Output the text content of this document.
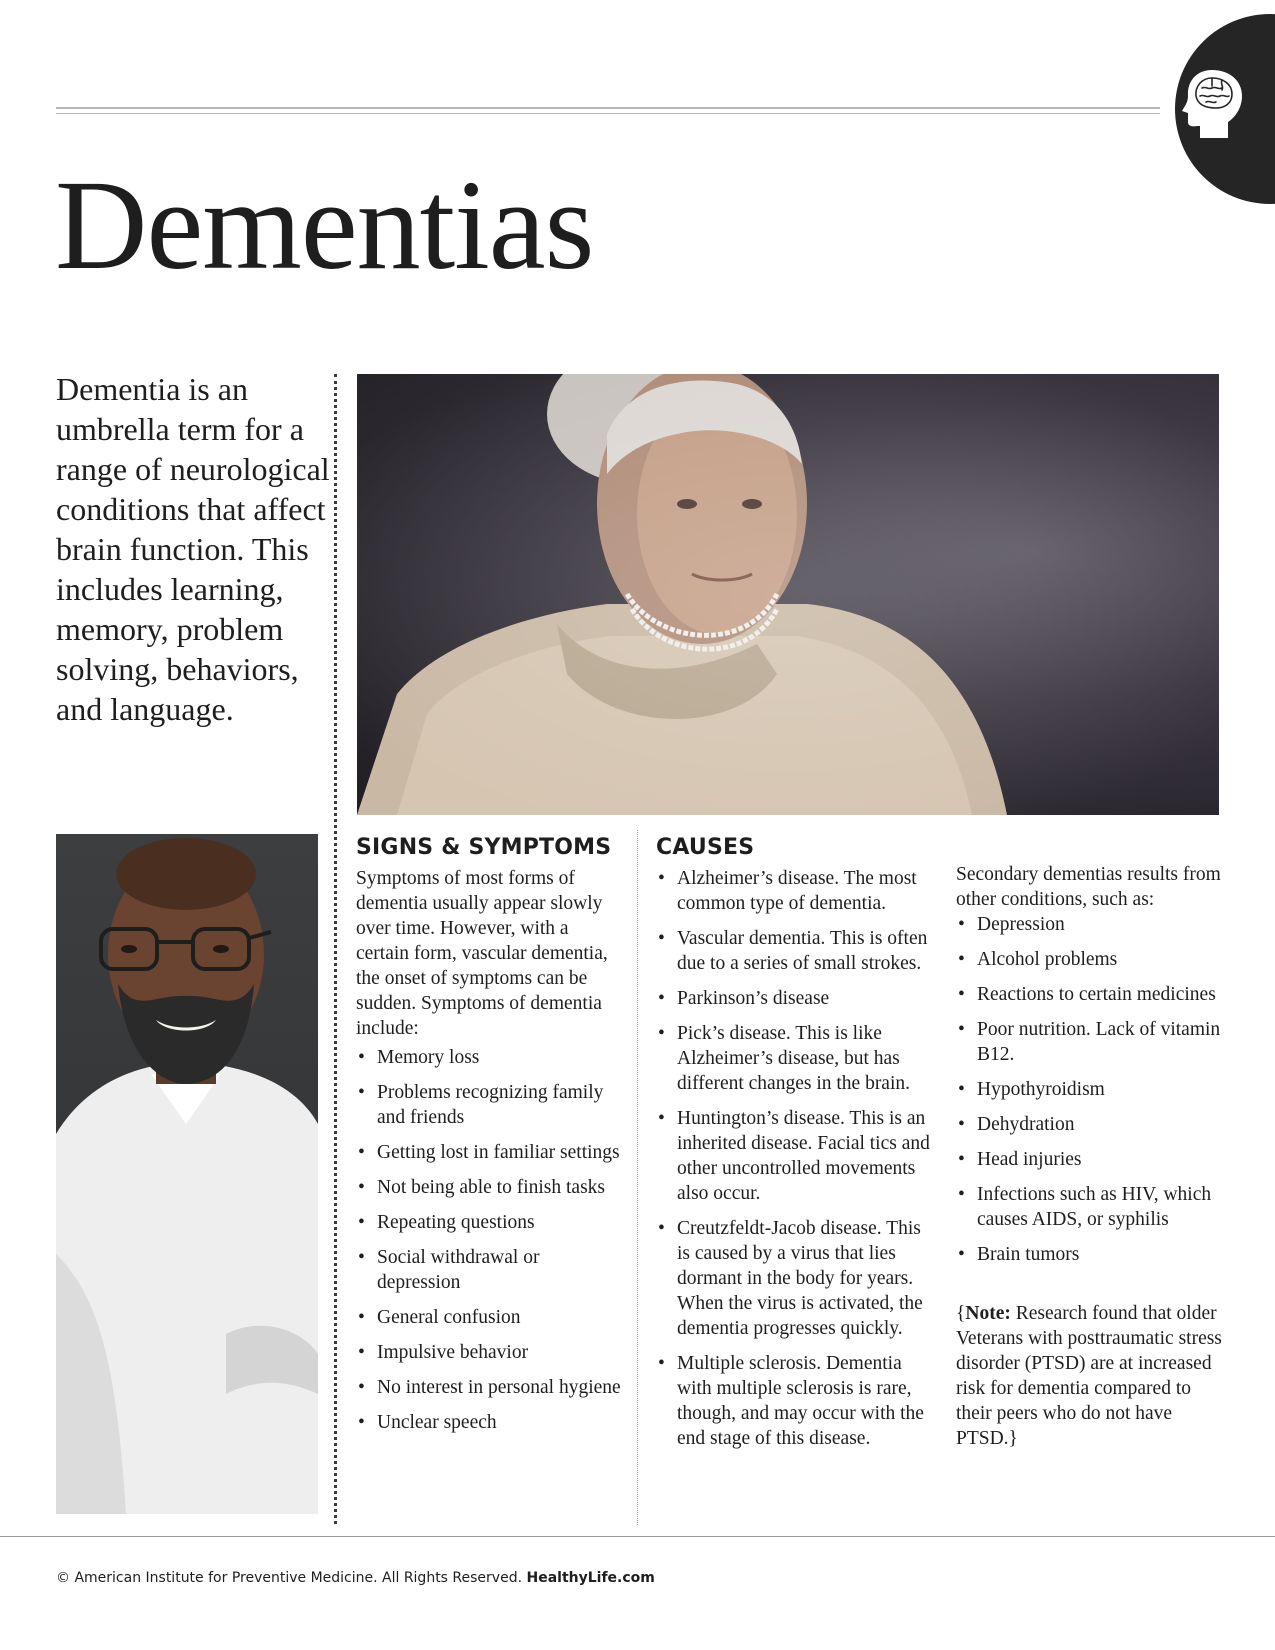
Dementias

Dementia is an umbrella term for a range of neurological conditions that affect brain function. This includes learning, memory, problem solving, behaviors, and language.

SIGNS & SYMPTOMS

Symptoms of most forms of dementia usually appear slowly over time. However, with a certain form, vascular dementia, the onset of symptoms can be sudden. Symptoms of dementia include:

• Memory loss
• Problems recognizing family and friends
• Getting lost in familiar settings
• Not being able to finish tasks
• Repeating questions
• Social withdrawal or depression
• General confusion
• Impulsive behavior
• No interest in personal hygiene
• Unclear speech
CAUSES
• Alzheimer’s disease. The most common type of dementia.
• Vascular dementia. This is often due to a series of small strokes.
• Parkinson’s disease
• Pick’s disease. This is like Alzheimer’s disease, but has different changes in the brain.
• Huntington’s disease. This is an inherited disease. Facial tics and other uncontrolled movements also occur.
• Creutzfeldt-Jacob disease. This is caused by a virus that lies dormant in the body for years. When the virus is activated, the dementia progresses quickly.
• Multiple sclerosis. Dementia with multiple sclerosis is rare, though, and may occur with the end stage of this disease.

Secondary dementias results from other conditions, such as:

• Depression
• Alcohol problems
• Reactions to certain medicines
• Poor nutrition. Lack of vitamin B12.
• Hypothyroidism
• Dehydration
• Head injuries
• Infections such as HIV, which causes AIDS, or syphilis
• Brain tumors

{Note: Research found that older Veterans with posttraumatic stress disorder (PTSD) are at increased risk for dementia compared to their peers who do not have PTSD.}

© American Institute for Preventive Medicine. All Rights Reserved. HealthyLife.com
